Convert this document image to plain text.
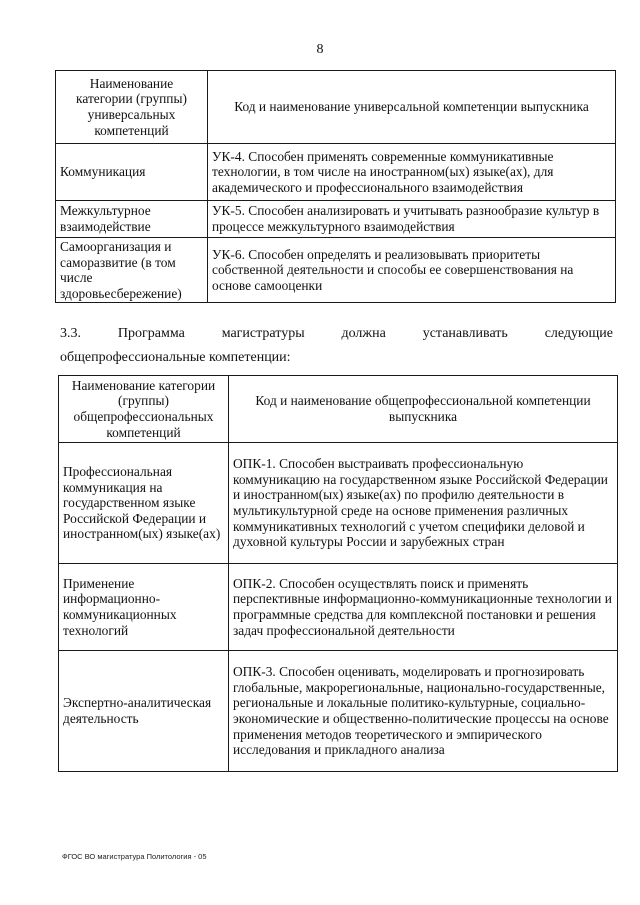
8
Наименование категории (группы) универсальных компетенций	Код и наименование универсальной компетенции выпускника
Коммуникация	УК-4. Способен применять современные коммуникативные технологии, в том числе на иностранном(ых) языке(ах), для академического и профессионального взаимодействия
Межкультурное взаимодействие	УК-5. Способен анализировать и учитывать разнообразие культур в процессе межкультурного взаимодействия
Самоорганизация и саморазвитие (в том числе здоровьесбережение)	УК-6. Способен определять и реализовывать приоритеты собственной деятельности и способы ее совершенствования на основе самооценки
3.3. Программа магистратуры должна устанавливать следующие
общепрофессиональные компетенции:
Наименование категории (группы) общепрофессиональных компетенций	Код и наименование общепрофессиональной компетенции выпускника
Профессиональная коммуникация на государственном языке Российской Федерации и иностранном(ых) языке(ах)	ОПК-1. Способен выстраивать профессиональную коммуникацию на государственном языке Российской Федерации и иностранном(ых) языке(ах) по профилю деятельности в мультикультурной среде на основе применения различных коммуникативных технологий с учетом специфики деловой и духовной культуры России и зарубежных стран
Применение информационно-коммуникационных технологий	ОПК-2. Способен осуществлять поиск и применять перспективные информационно-коммуникационные технологии и программные средства для комплексной постановки и решения задач профессиональной деятельности
Экспертно-аналитическая деятельность	ОПК-3. Способен оценивать, моделировать и прогнозировать глобальные, макрорегиональные, национально-государственные, региональные и локальные политико-культурные, социально-экономические и общественно-политические процессы на основе применения методов теоретического и эмпирического исследования и прикладного анализа
ФГОС ВО магистратура Политология - 05
